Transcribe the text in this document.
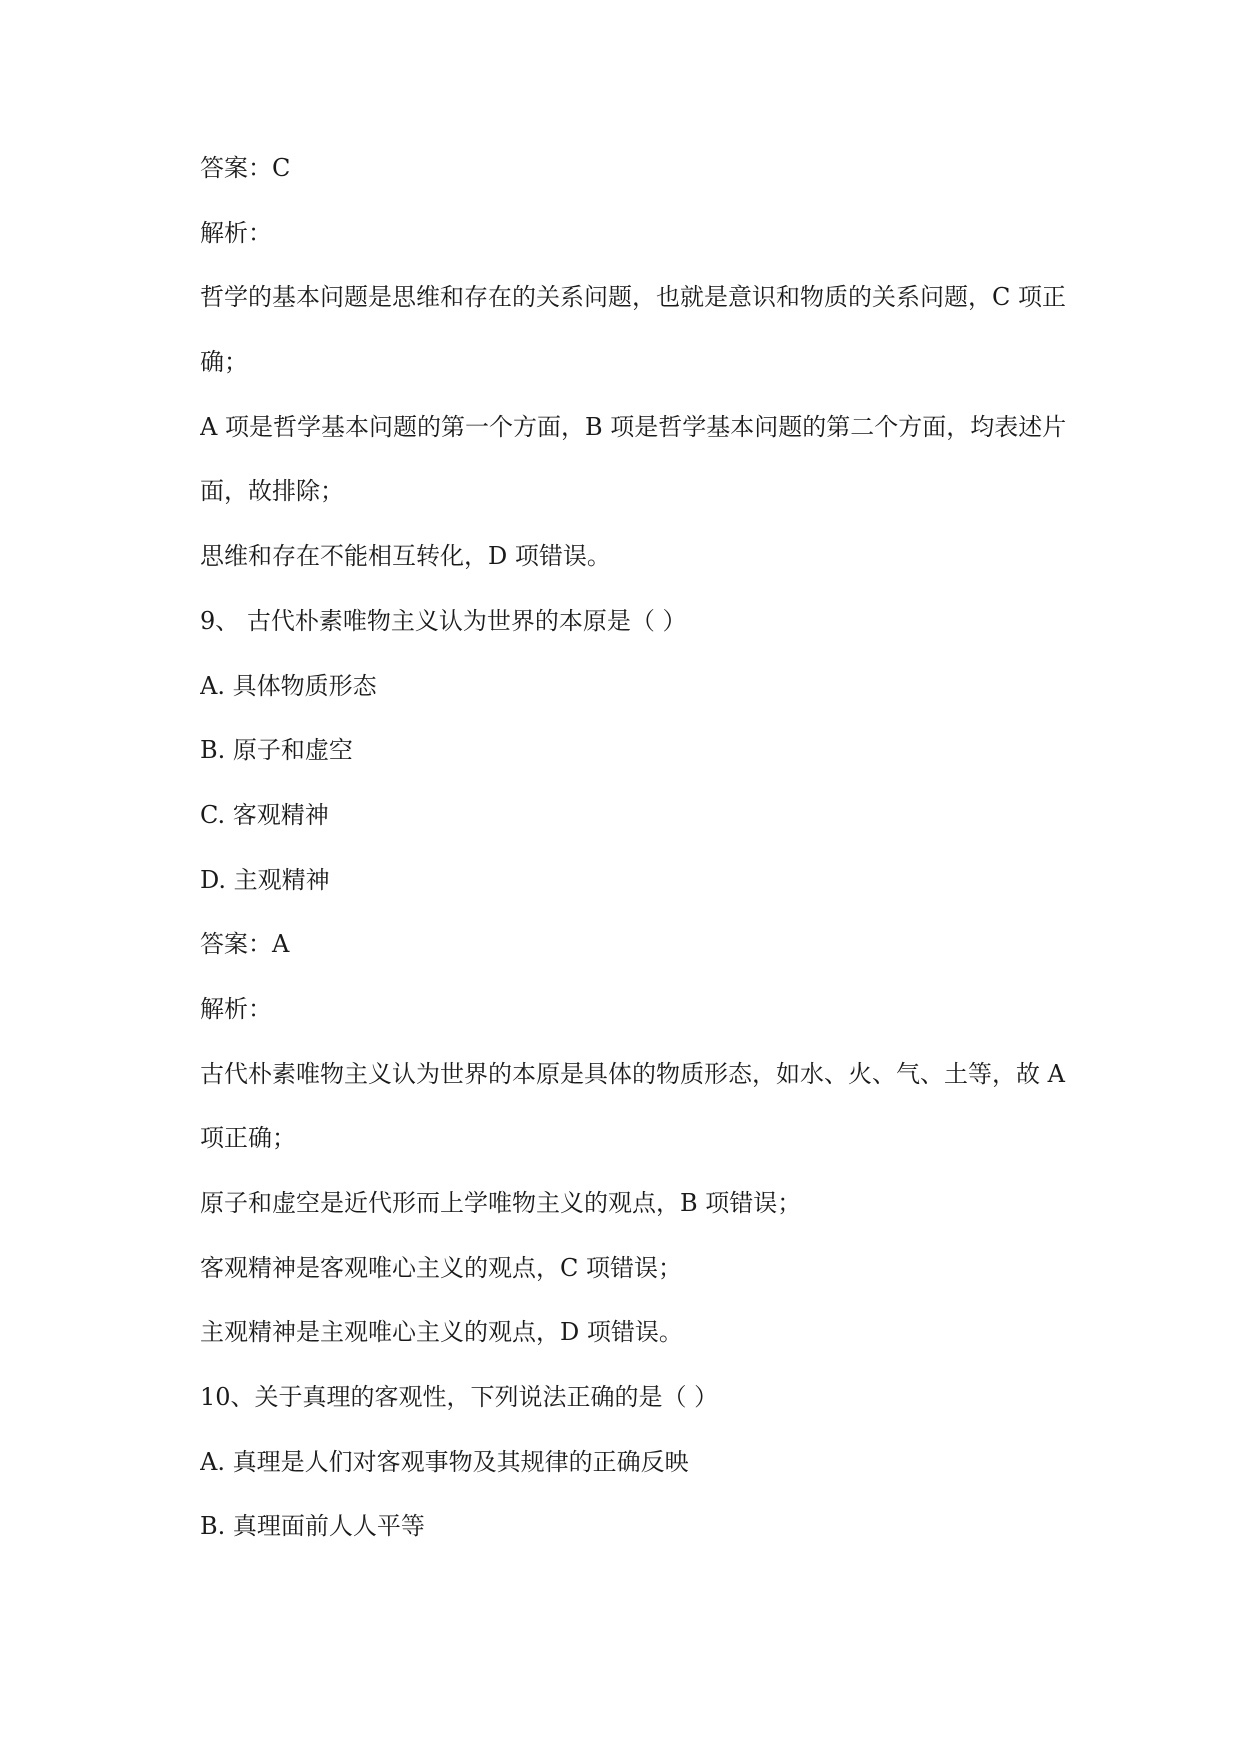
答案：C
解析：
哲学的基本问题是思维和存在的关系问题，也就是意识和物质的关系问题，C 项正
确；
A 项是哲学基本问题的第一个方面，B 项是哲学基本问题的第二个方面，均表述片
面，故排除；
思维和存在不能相互转化，D 项错误。
9、 古代朴素唯物主义认为世界的本原是（ ）
A. 具体物质形态
B. 原子和虚空
C. 客观精神
D. 主观精神
答案：A
解析：
古代朴素唯物主义认为世界的本原是具体的物质形态，如水、火、气、土等，故 A
项正确；
原子和虚空是近代形而上学唯物主义的观点，B 项错误；
客观精神是客观唯心主义的观点，C 项错误；
主观精神是主观唯心主义的观点，D 项错误。
10、关于真理的客观性，下列说法正确的是（ ）
A. 真理是人们对客观事物及其规律的正确反映
B. 真理面前人人平等
